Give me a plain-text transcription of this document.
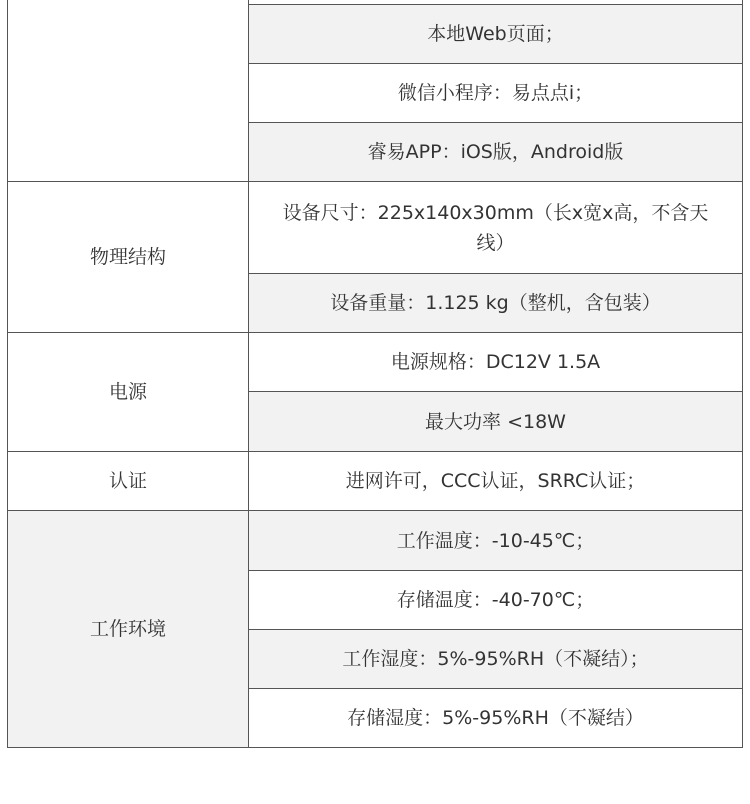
	本地Web页面；
	微信小程序：易点点i；
	睿易APP：iOS版，Android版
物理结构	设备尺寸：225x140x30mm（长x宽x高，不含天线）
	设备重量：1.125 kg（整机，含包装）
电源	电源规格：DC12V 1.5A
	最大功率 <18W
认证	进网许可，CCC认证，SRRC认证；
工作环境	工作温度：-10-45℃；
	存储温度：-40-70℃；
	工作湿度：5%-95%RH（不凝结）；
	存储湿度：5%-95%RH（不凝结）
